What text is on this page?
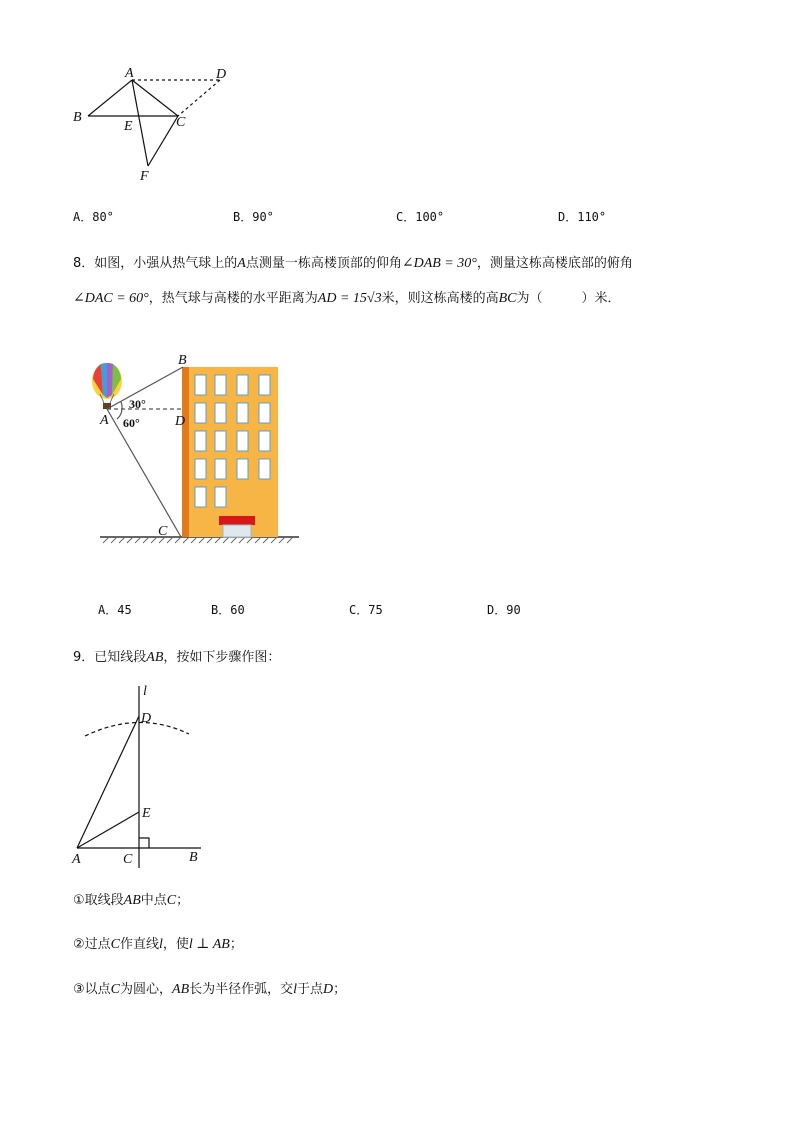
A	D
B
E	C
F
A．80°	B．90°	C．100°	D．110°
8．如图，小强从热气球上的A点测量一栋高楼顶部的仰角∠DAB = 30°，测量这栋高楼底部的俯角
∠DAC = 60°，热气球与高楼的水平距离为AD = 15√3米，则这栋高楼的高BC为（　　　）米．
B
A	D
C
30°
60°
A．45	B．60	C．75	D．90
9．已知线段AB，按如下步骤作图：
l
D
E
A	C	B
①取线段AB中点C；
②过点C作直线l，使l ⊥ AB；
③以点C为圆心，AB长为半径作弧，交l于点D；
